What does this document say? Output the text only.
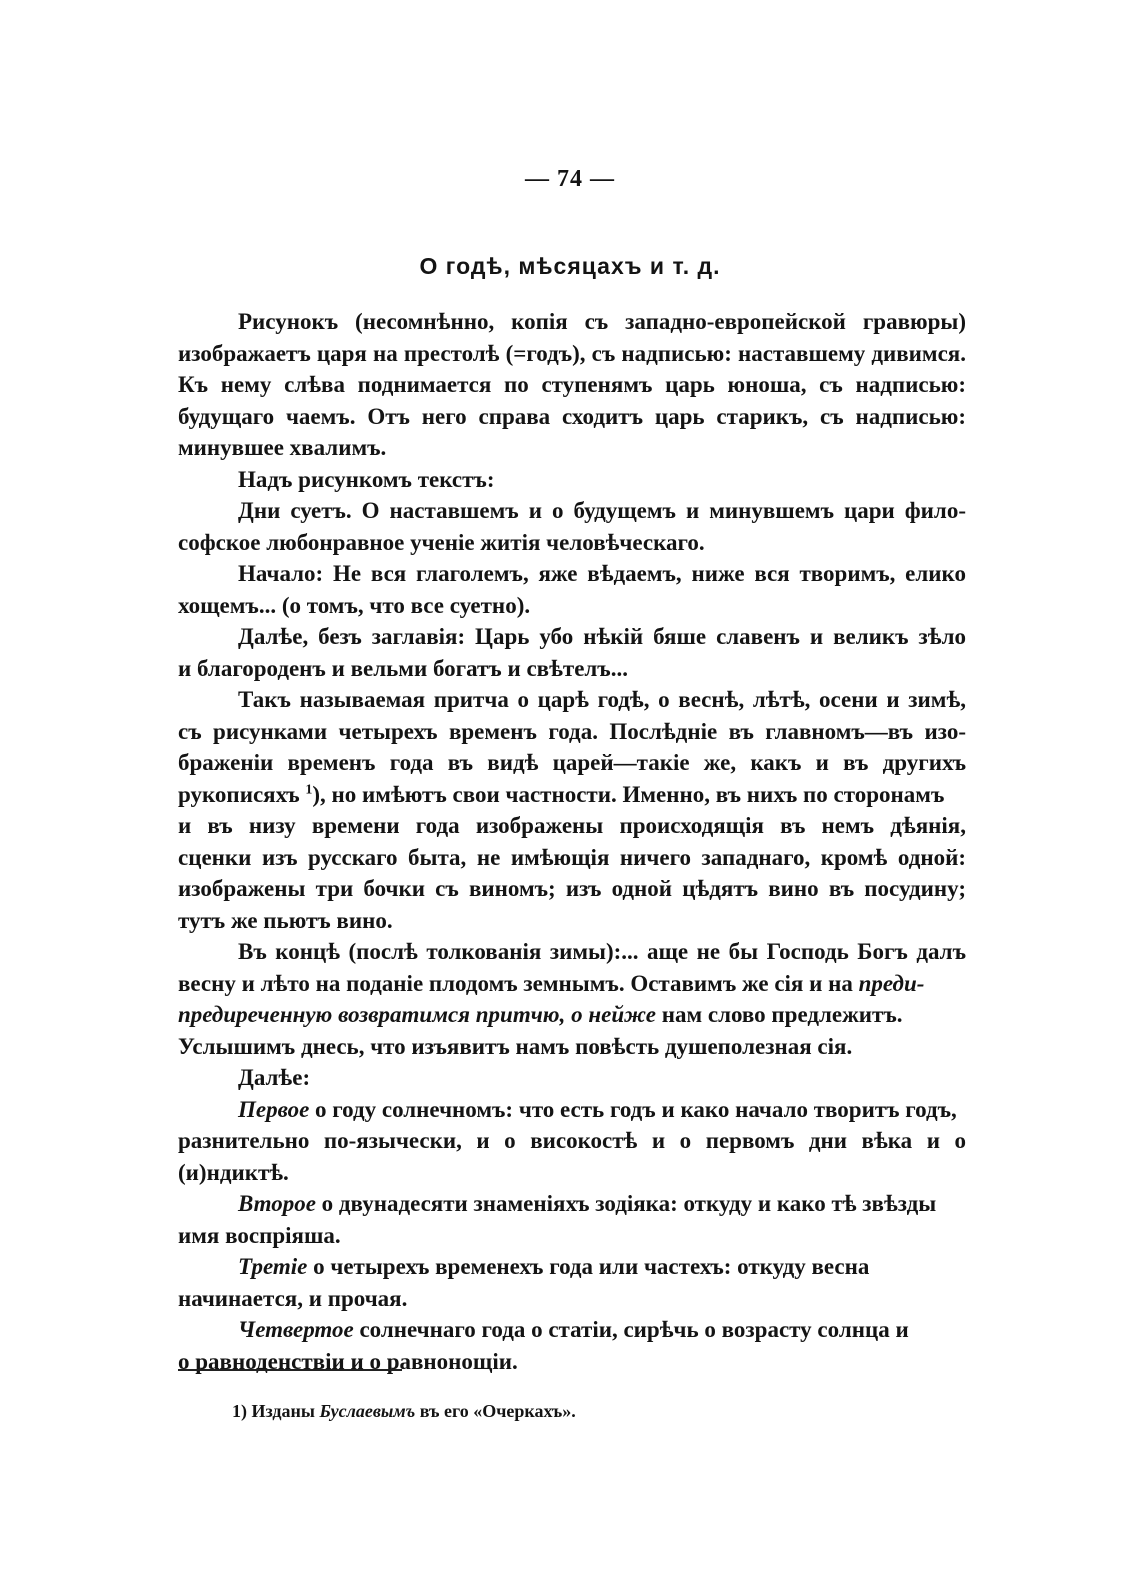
— 74 —
О годѣ, мѣсяцахъ и т. д.
Рисунокъ (несомнѣнно, копія съ западно-европейской гравюры)
изображаетъ царя на престолѣ (=годъ), съ надписью: наставшему дивимся.
Къ нему слѣва поднимается по ступенямъ царь юноша, съ надписью:
будущаго чаемъ. Отъ него справа сходитъ царь старикъ, съ надписью:
минувшее хвалимъ.
Надъ рисункомъ текстъ:
Дни суетъ. О наставшемъ и о будущемъ и минувшемъ цари фило-
софское любонравное ученіе житія человѣческаго.
Начало: Не вся глаголемъ, яже вѣдаемъ, ниже вся творимъ, елико
хощемъ... (о томъ, что все суетно).
Далѣе, безъ заглавія: Царь убо нѣкій бяше славенъ и великъ зѣло
и благороденъ и вельми богатъ и свѣтелъ...
Такъ называемая притча о царѣ годѣ, о веснѣ, лѣтѣ, осени и зимѣ,
съ рисунками четырехъ временъ года. Послѣдніе въ главномъ—въ изо-
браженіи временъ года въ видѣ царей—такіе же, какъ и въ другихъ
рукописяхъ $^1$), но имѣютъ свои частности. Именно, въ нихъ по сторонамъ
и въ низу времени года изображены происходящія въ немъ дѣянія,
сценки изъ русскаго быта, не имѣющія ничего западнаго, кромѣ одной:
изображены три бочки съ виномъ; изъ одной цѣдятъ вино въ посудину;
тутъ же пьютъ вино.
Въ концѣ (послѣ толкованія зимы):... аще не бы Господь Богъ далъ
весну и лѣто на поданіе плодомъ земнымъ. Оставимъ же сія и на преди-
предиреченную возвратимся притчю, о нейже нам слово предлежитъ.
Услышимъ днесь, что изъявитъ намъ повѣсть душеполезная сія.
Далѣе:
Первое о году солнечномъ: что есть годъ и како начало творитъ годъ,
разнительно по-язычески, и о високостѣ и о первомъ дни вѣка и о
(и)ндиктѣ.
Второе о двунадесяти знаменіяхъ зодіяка: откуду и како тѣ звѣзды
имя воспріяша.
Третіе о четырехъ временехъ года или частехъ: откуду весна
начинается, и прочая.
Четвертое солнечнаго года о статіи, сирѣчь о возрасту солнца и
о равноденствіи и о равнонощіи.
1) Изданы Буслаевымъ въ его «Очеркахъ».
